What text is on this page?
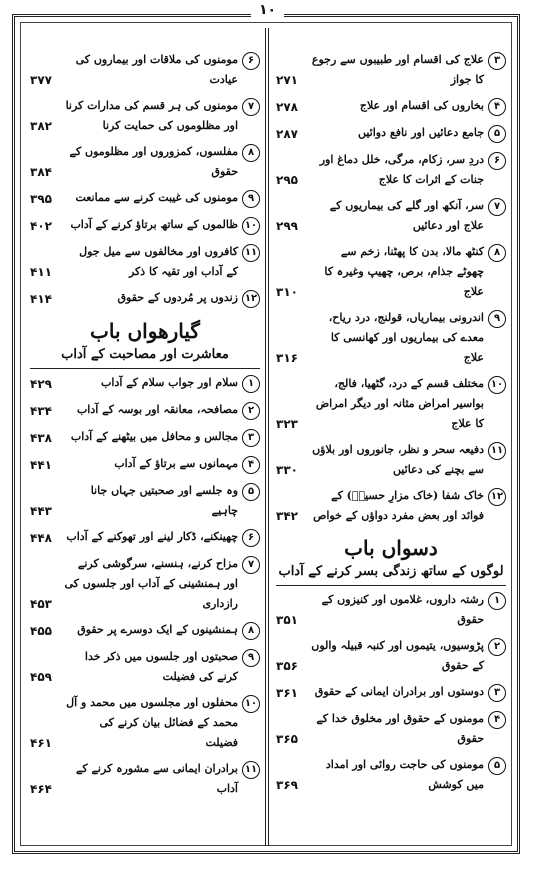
۱۰
۳
علاج کی اقسام اور طبیبوں سے رجوع کا جواز
۲۷۱
۴
بخاروں کی اقسام اور علاج
۲۷۸
۵
جامع دعائیں اور نافع دوائیں
۲۸۷
۶
دردِ سر، زکام، مرگی، خلل دماغ اور جنات کے اثرات کا علاج
۲۹۵
۷
سر، آنکھ اور گلے کی بیماریوں کے علاج اور دعائیں
۲۹۹
۸
کنٹھ مالا، بدن کا پھٹنا، زخم سے چھوٹے جذام، برص، چھیپ وغیرہ کا علاج
۳۱۰
۹
اندرونی بیماریاں، قولنج، درد ریاح، معدے کی بیماریوں اور کھانسی کا علاج
۳۱۶
۱۰
مختلف قسم کے درد، گٹھیا، فالج، بواسیر امراض مثانہ اور دیگر امراض کا علاج
۳۲۳
۱۱
دفیعہ سحر و نظر، جانوروں اور بلاؤں سے بچنے کی دعائیں
۳۳۰
۱۲
خاک شفا (خاک مزارِ حسینؑ) کے فوائد اور بعض مفرد دواؤں کے خواص
۳۴۲
دسواں باب
لوگوں کے ساتھ زندگی بسر کرنے کے آداب
۱
رشتہ داروں، غلاموں اور کنیزوں کے حقوق
۳۵۱
۲
پڑوسیوں، یتیموں اور کنبہ قبیلہ والوں کے حقوق
۳۵۶
۳
دوستوں اور برادران ایمانی کے حقوق
۳۶۱
۴
مومنوں کے حقوق اور مخلوق خدا کے حقوق
۳۶۵
۵
مومنوں کی حاجت روائی اور امداد میں کوشش
۳۶۹
۶
مومنوں کی ملاقات اور بیماروں کی عیادت
۳۷۷
۷
مومنوں کی ہر قسم کی مدارات کرنا اور مظلوموں کی حمایت کرنا
۳۸۲
۸
مفلسوں، کمزوروں اور مظلوموں کے حقوق
۳۸۴
۹
مومنوں کی غیبت کرنے سے ممانعت
۳۹۵
۱۰
ظالموں کے ساتھ برتاؤ کرنے کے آداب
۴۰۲
۱۱
کافروں اور مخالفوں سے میل جول کے آداب اور تقیہ کا ذکر
۴۱۱
۱۲
زندوں پر مُردوں کے حقوق
۴۱۴
گیارھواں باب
معاشرت اور مصاحبت کے آداب
۱
سلام اور جواب سلام کے آداب
۴۲۹
۲
مصافحہ، معانقہ اور بوسہ کے آداب
۴۳۴
۳
مجالس و محافل میں بیٹھنے کے آداب
۴۳۸
۴
مہمانوں سے برتاؤ کے آداب
۴۴۱
۵
وہ جلسے اور صحبتیں جہاں جانا چاہیے
۴۴۳
۶
چھینکنے، ڈکار لینے اور تھوکنے کے آداب
۴۴۸
۷
مزاح کرنے، ہنسنے، سرگوشی کرنے اور ہمنشینی کے آداب اور جلسوں کی رازداری
۴۵۳
۸
ہمنشینوں کے ایک دوسرے پر حقوق
۴۵۵
۹
صحبتوں اور جلسوں میں ذکر خدا کرنے کی فضیلت
۴۵۹
۱۰
محفلوں اور مجلسوں میں محمد و آل محمد کے فضائل بیان کرنے کی فضیلت
۴۶۱
۱۱
برادران ایمانی سے مشورہ کرنے کے آداب
۴۶۴
